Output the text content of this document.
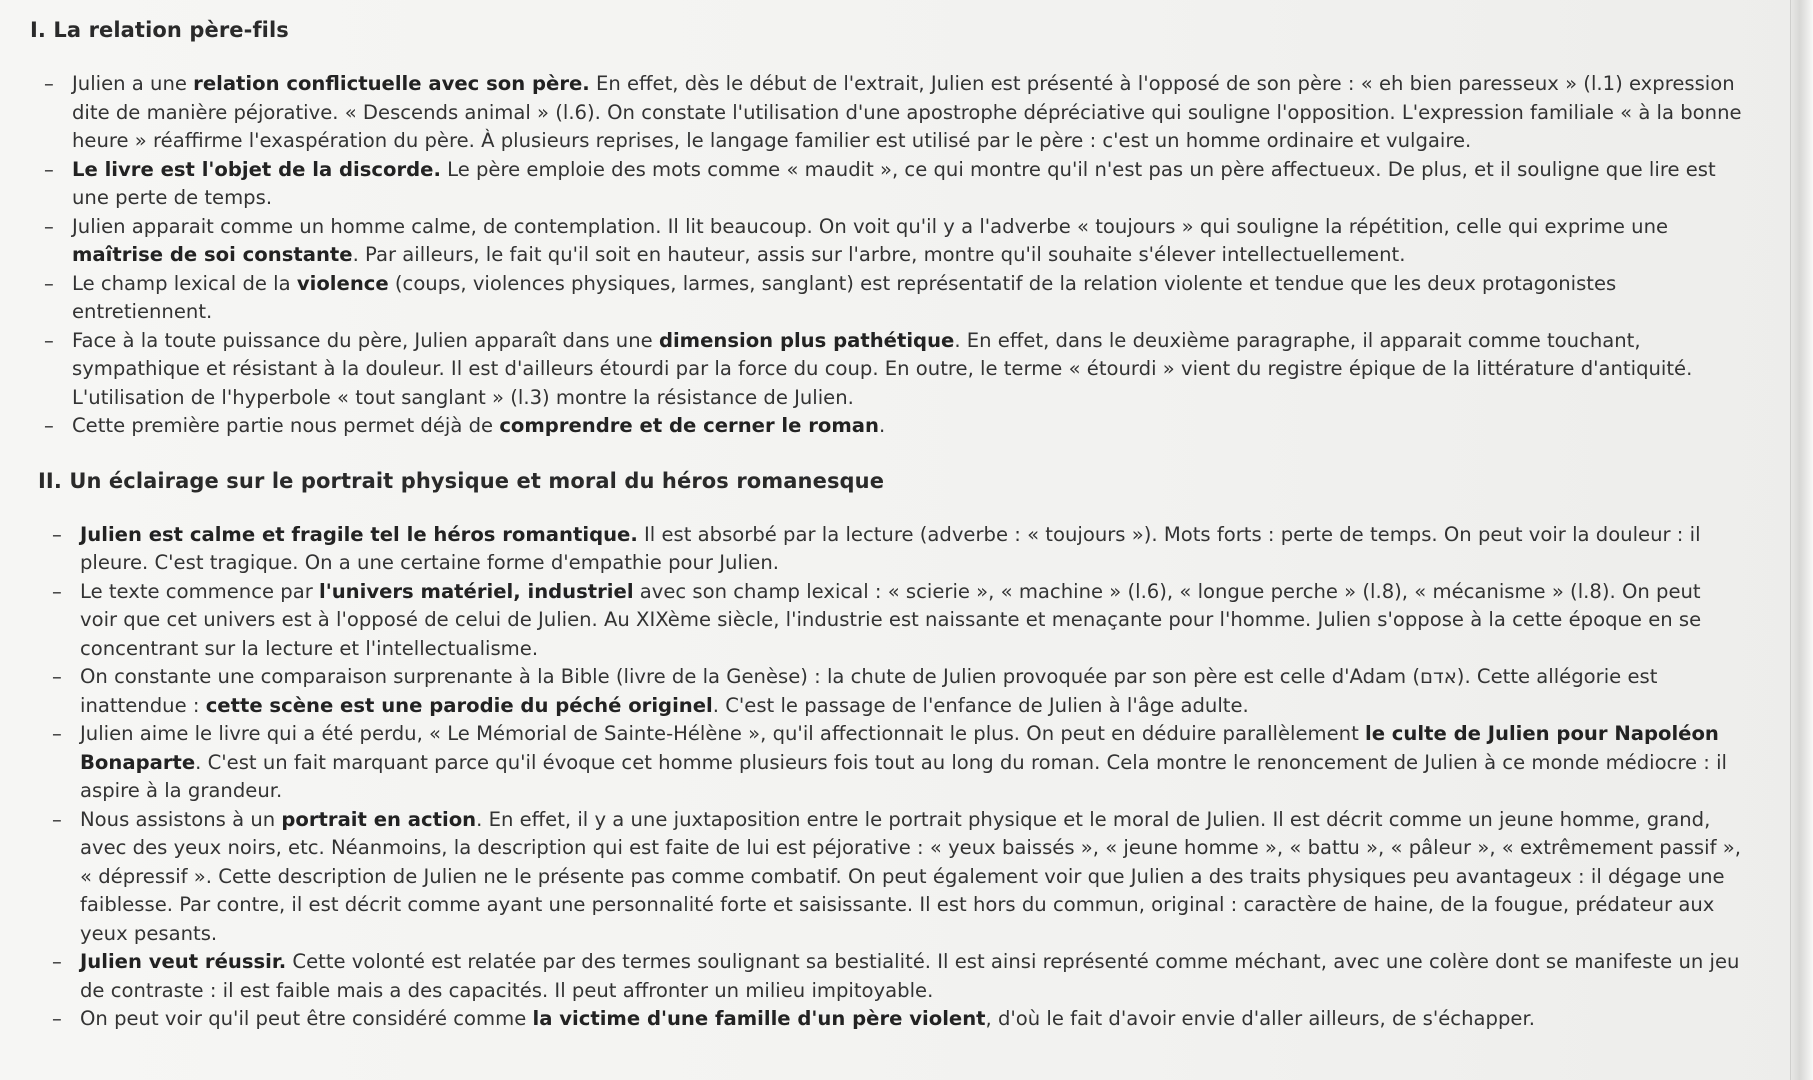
I. La relation père-fils
– Julien a une relation conflictuelle avec son père. En effet, dès le début de l'extrait, Julien est présenté à l'opposé de son père : « eh bien paresseux » (l.1) expression dite de manière péjorative. « Descends animal » (l.6). On constate l'utilisation d'une apostrophe dépréciative qui souligne l'opposition. L'expression familiale « à la bonne heure » réaffirme l'exaspération du père. À plusieurs reprises, le langage familier est utilisé par le père : c'est un homme ordinaire et vulgaire.
– Le livre est l'objet de la discorde. Le père emploie des mots comme « maudit », ce qui montre qu'il n'est pas un père affectueux. De plus, et il souligne que lire est une perte de temps.
– Julien apparait comme un homme calme, de contemplation. Il lit beaucoup. On voit qu'il y a l'adverbe « toujours » qui souligne la répétition, celle qui exprime une maîtrise de soi constante. Par ailleurs, le fait qu'il soit en hauteur, assis sur l'arbre, montre qu'il souhaite s'élever intellectuellement.
– Le champ lexical de la violence (coups, violences physiques, larmes, sanglant) est représentatif de la relation violente et tendue que les deux protagonistes entretiennent.
– Face à la toute puissance du père, Julien apparaît dans une dimension plus pathétique. En effet, dans le deuxième paragraphe, il apparait comme touchant, sympathique et résistant à la douleur. Il est d'ailleurs étourdi par la force du coup. En outre, le terme « étourdi » vient du registre épique de la littérature d'antiquité. L'utilisation de l'hyperbole « tout sanglant » (l.3) montre la résistance de Julien.
– Cette première partie nous permet déjà de comprendre et de cerner le roman.
II. Un éclairage sur le portrait physique et moral du héros romanesque
– Julien est calme et fragile tel le héros romantique. Il est absorbé par la lecture (adverbe : « toujours »). Mots forts : perte de temps. On peut voir la douleur : il pleure. C'est tragique. On a une certaine forme d'empathie pour Julien.
– Le texte commence par l'univers matériel, industriel avec son champ lexical : « scierie », « machine » (l.6), « longue perche » (l.8), « mécanisme » (l.8). On peut voir que cet univers est à l'opposé de celui de Julien. Au XIXème siècle, l'industrie est naissante et menaçante pour l'homme. Julien s'oppose à la cette époque en se concentrant sur la lecture et l'intellectualisme.
– On constante une comparaison surprenante à la Bible (livre de la Genèse) : la chute de Julien provoquée par son père est celle d'Adam (אדם). Cette allégorie est inattendue : cette scène est une parodie du péché originel. C'est le passage de l'enfance de Julien à l'âge adulte.
– Julien aime le livre qui a été perdu, « Le Mémorial de Sainte-Hélène », qu'il affectionnait le plus. On peut en déduire parallèlement le culte de Julien pour Napoléon Bonaparte. C'est un fait marquant parce qu'il évoque cet homme plusieurs fois tout au long du roman. Cela montre le renoncement de Julien à ce monde médiocre : il aspire à la grandeur.
– Nous assistons à un portrait en action. En effet, il y a une juxtaposition entre le portrait physique et le moral de Julien. Il est décrit comme un jeune homme, grand, avec des yeux noirs, etc. Néanmoins, la description qui est faite de lui est péjorative : « yeux baissés », « jeune homme », « battu », « pâleur », « extrêmement passif », « dépressif ». Cette description de Julien ne le présente pas comme combatif. On peut également voir que Julien a des traits physiques peu avantageux : il dégage une faiblesse. Par contre, il est décrit comme ayant une personnalité forte et saisissante. Il est hors du commun, original : caractère de haine, de la fougue, prédateur aux yeux pesants.
– Julien veut réussir. Cette volonté est relatée par des termes soulignant sa bestialité. Il est ainsi représenté comme méchant, avec une colère dont se manifeste un jeu de contraste : il est faible mais a des capacités. Il peut affronter un milieu impitoyable.
– On peut voir qu'il peut être considéré comme la victime d'une famille d'un père violent, d'où le fait d'avoir envie d'aller ailleurs, de s'échapper.
